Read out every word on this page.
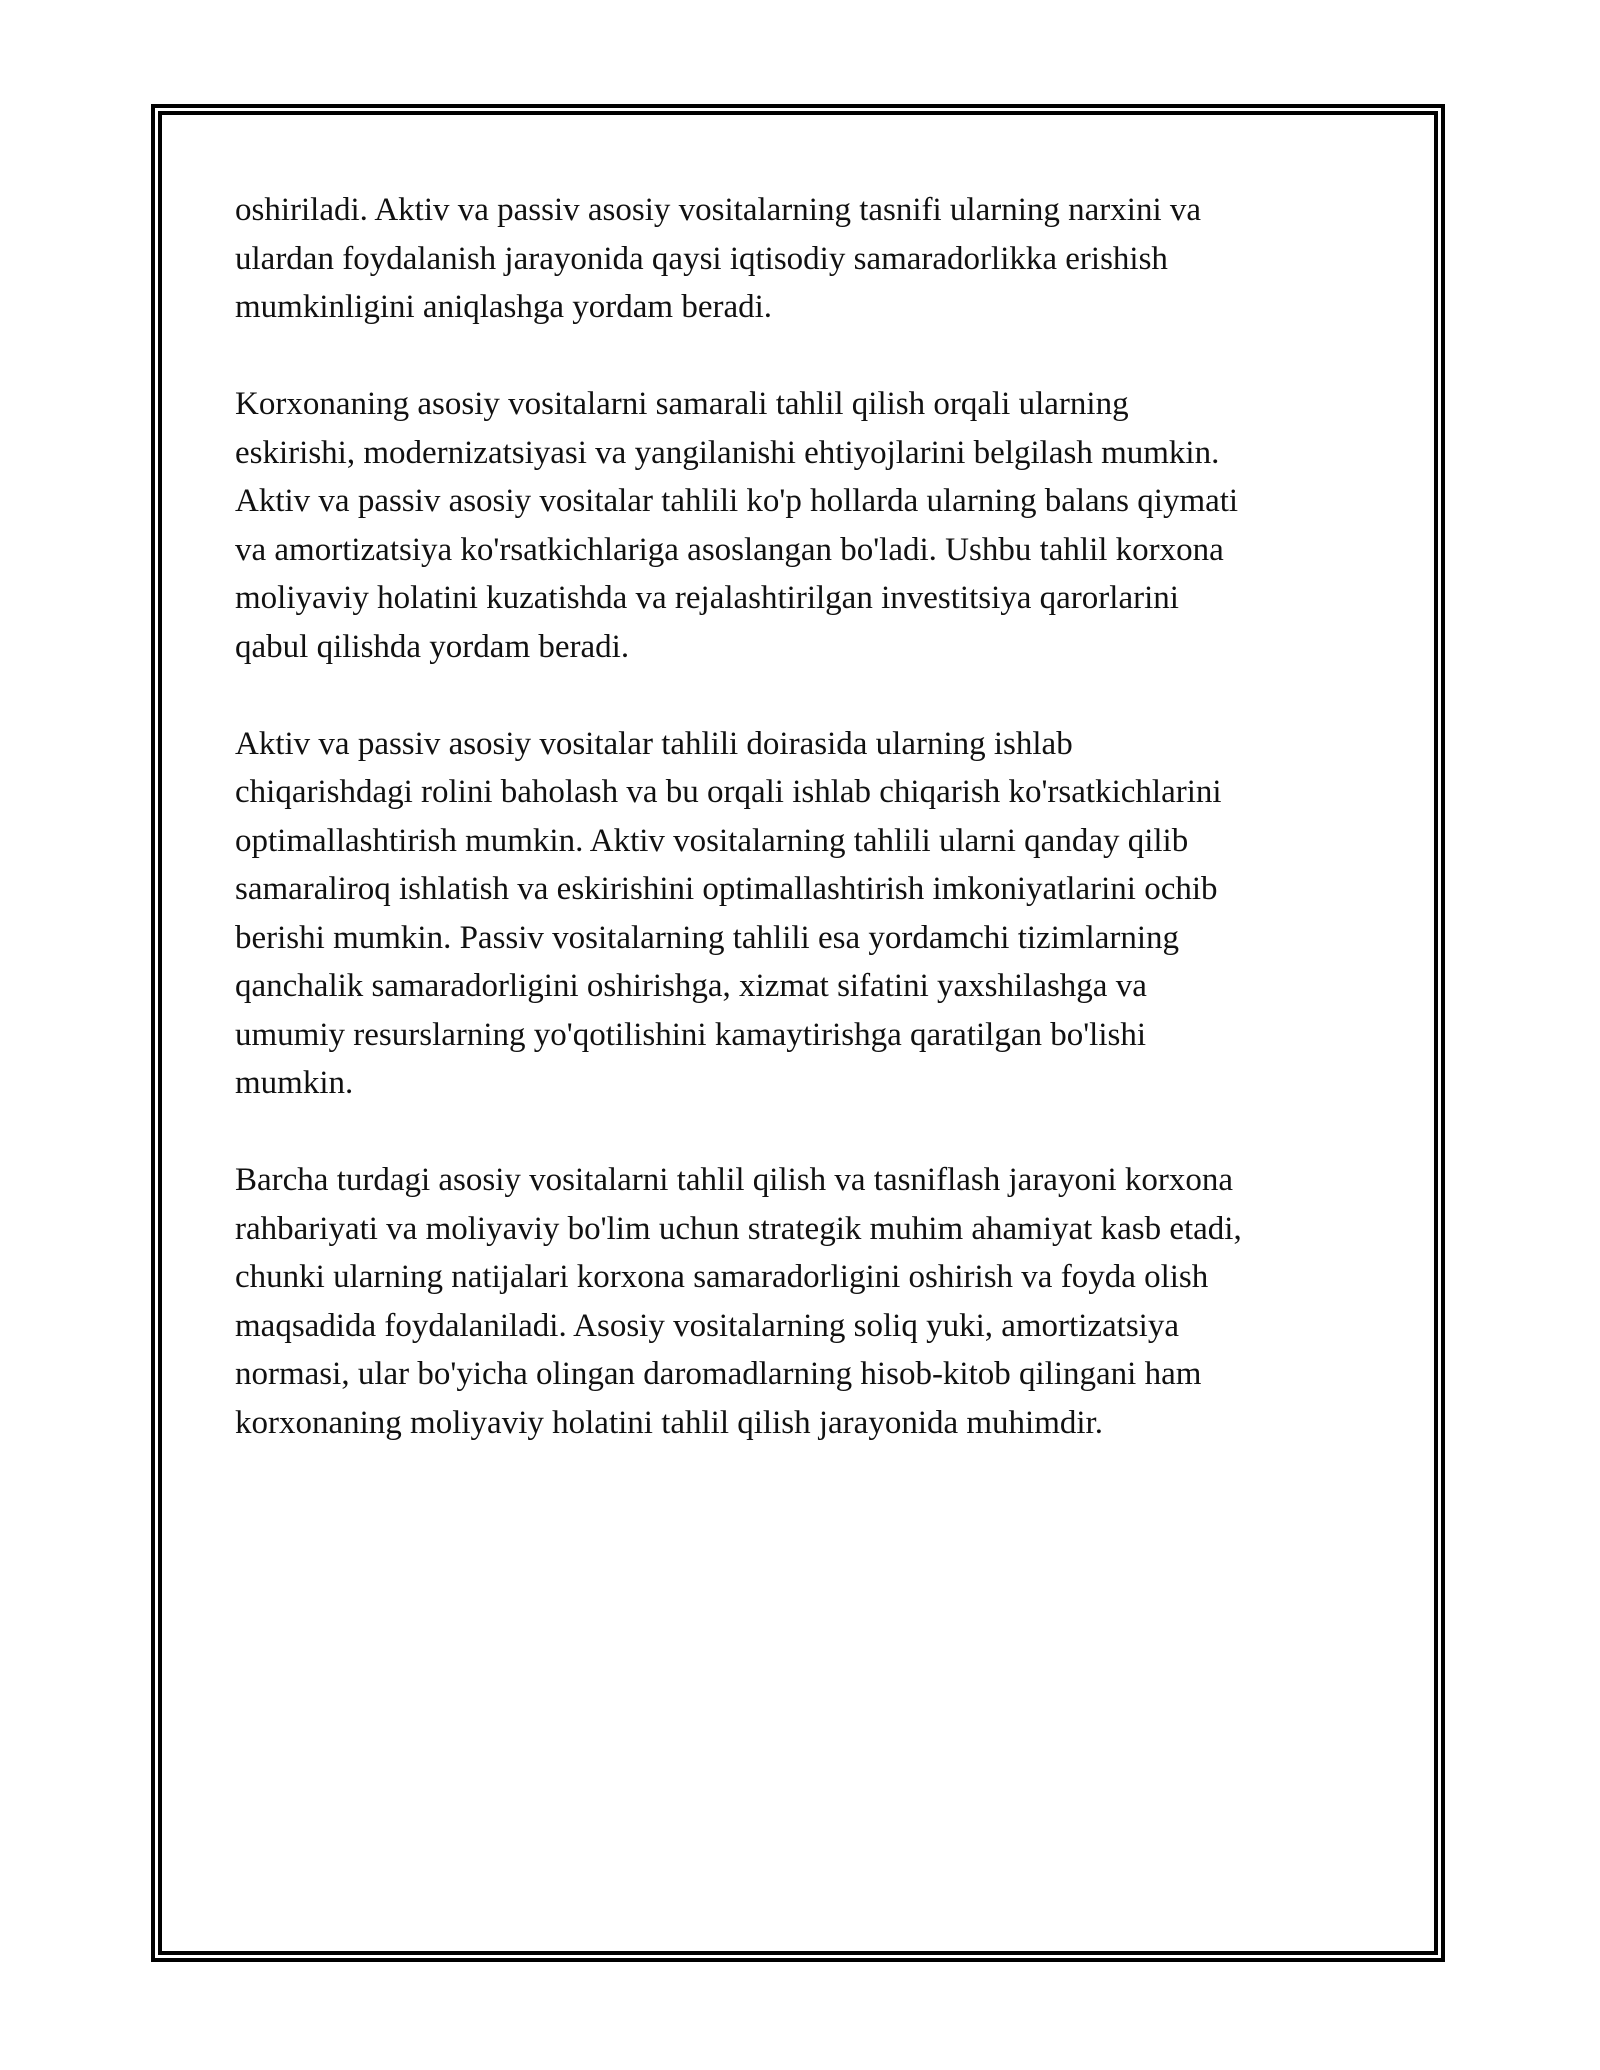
oshiriladi. Aktiv va passiv asosiy vositalarning tasnifi ularning narxini va
ulardan foydalanish jarayonida qaysi iqtisodiy samaradorlikka erishish
mumkinligini aniqlashga yordam beradi.

Korxonaning asosiy vositalarni samarali tahlil qilish orqali ularning
eskirishi, modernizatsiyasi va yangilanishi ehtiyojlarini belgilash mumkin.
Aktiv va passiv asosiy vositalar tahlili ko'p hollarda ularning balans qiymati
va amortizatsiya ko'rsatkichlariga asoslangan bo'ladi. Ushbu tahlil korxona
moliyaviy holatini kuzatishda va rejalashtirilgan investitsiya qarorlarini
qabul qilishda yordam beradi.

Aktiv va passiv asosiy vositalar tahlili doirasida ularning ishlab
chiqarishdagi rolini baholash va bu orqali ishlab chiqarish ko'rsatkichlarini
optimallashtirish mumkin. Aktiv vositalarning tahlili ularni qanday qilib
samaraliroq ishlatish va eskirishini optimallashtirish imkoniyatlarini ochib
berishi mumkin. Passiv vositalarning tahlili esa yordamchi tizimlarning
qanchalik samaradorligini oshirishga, xizmat sifatini yaxshilashga va
umumiy resurslarning yo'qotilishini kamaytirishga qaratilgan bo'lishi
mumkin.

Barcha turdagi asosiy vositalarni tahlil qilish va tasniflash jarayoni korxona
rahbariyati va moliyaviy bo'lim uchun strategik muhim ahamiyat kasb etadi,
chunki ularning natijalari korxona samaradorligini oshirish va foyda olish
maqsadida foydalaniladi. Asosiy vositalarning soliq yuki, amortizatsiya
normasi, ular bo'yicha olingan daromadlarning hisob-kitob qilingani ham
korxonaning moliyaviy holatini tahlil qilish jarayonida muhimdir.
